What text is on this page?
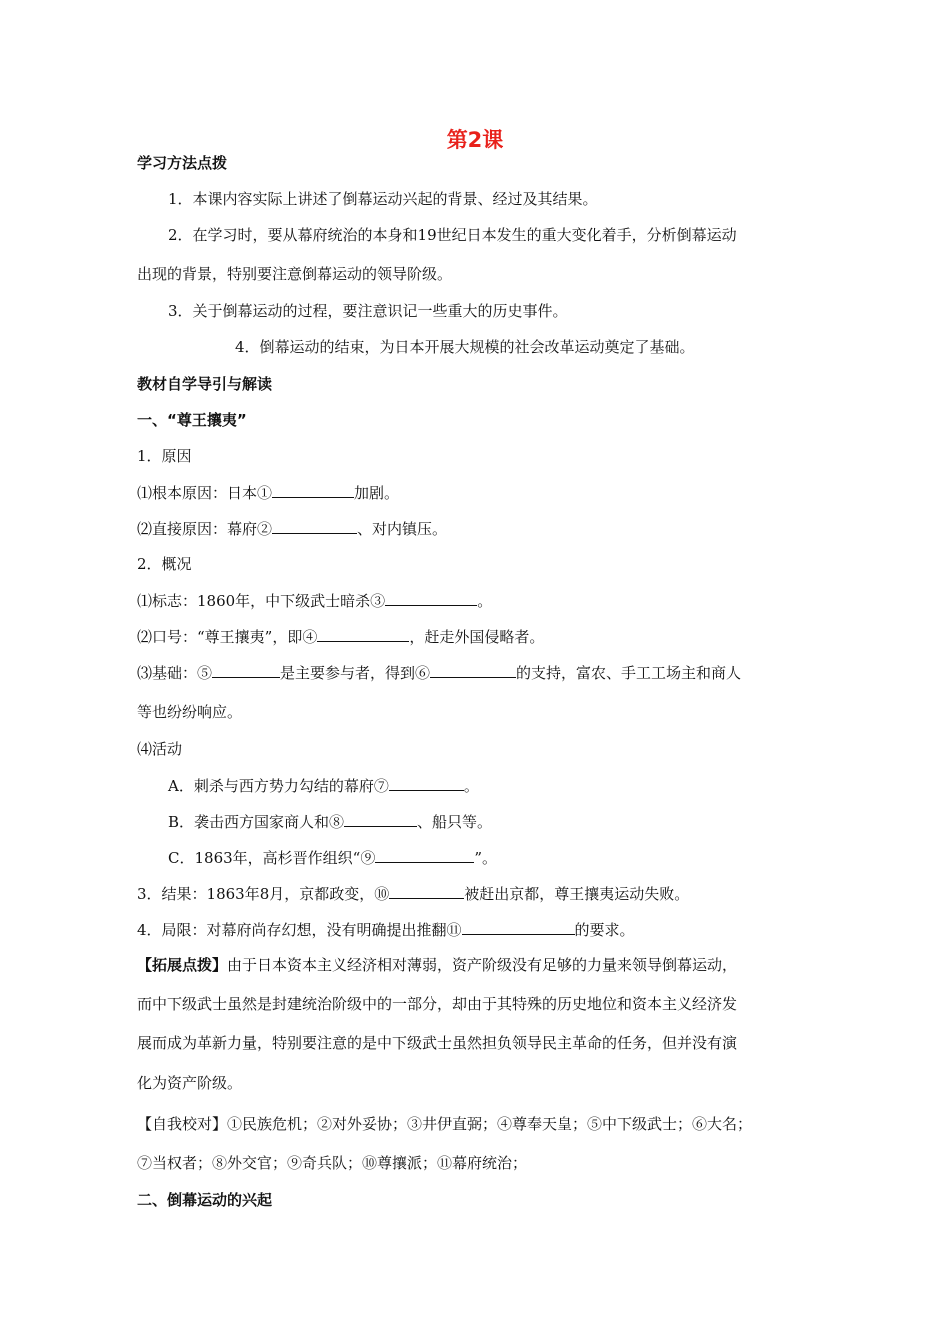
第2课
学习方法点拨
1．本课内容实际上讲述了倒幕运动兴起的背景、经过及其结果。
2．在学习时，要从幕府统治的本身和19世纪日本发生的重大变化着手，分析倒幕运动
出现的背景，特别要注意倒幕运动的领导阶级。
3．关于倒幕运动的过程，要注意识记一些重大的历史事件。
4．倒幕运动的结束，为日本开展大规模的社会改革运动奠定了基础。
教材自学导引与解读
一、“尊王攘夷”
1．原因
⑴根本原因：日本①	加剧。
⑵直接原因：幕府②	、对内镇压。
2．概况
⑴标志：1860年，中下级武士暗杀③	。
⑵口号：“尊王攘夷”，即④	，赶走外国侵略者。
⑶基础：⑤	是主要参与者，得到⑥	的支持，富农、手工工场主和商人
等也纷纷响应。
⑷活动
A．刺杀与西方势力勾结的幕府⑦	。
B．袭击西方国家商人和⑧	、船只等。
C．1863年，高杉晋作组织“⑨	”。
3．结果：1863年8月，京都政变，⑩	被赶出京都，尊王攘夷运动失败。
4．局限：对幕府尚存幻想，没有明确提出推翻⑪	的要求。
【拓展点拨】由于日本资本主义经济相对薄弱，资产阶级没有足够的力量来领导倒幕运动，
而中下级武士虽然是封建统治阶级中的一部分，却由于其特殊的历史地位和资本主义经济发
展而成为革新力量，特别要注意的是中下级武士虽然担负领导民主革命的任务，但并没有演
化为资产阶级。
【自我校对】①民族危机；②对外妥协；③井伊直弼；④尊奉天皇；⑤中下级武士；⑥大名；
⑦当权者；⑧外交官；⑨奇兵队；⑩尊攘派；⑪幕府统治；
二、倒幕运动的兴起
